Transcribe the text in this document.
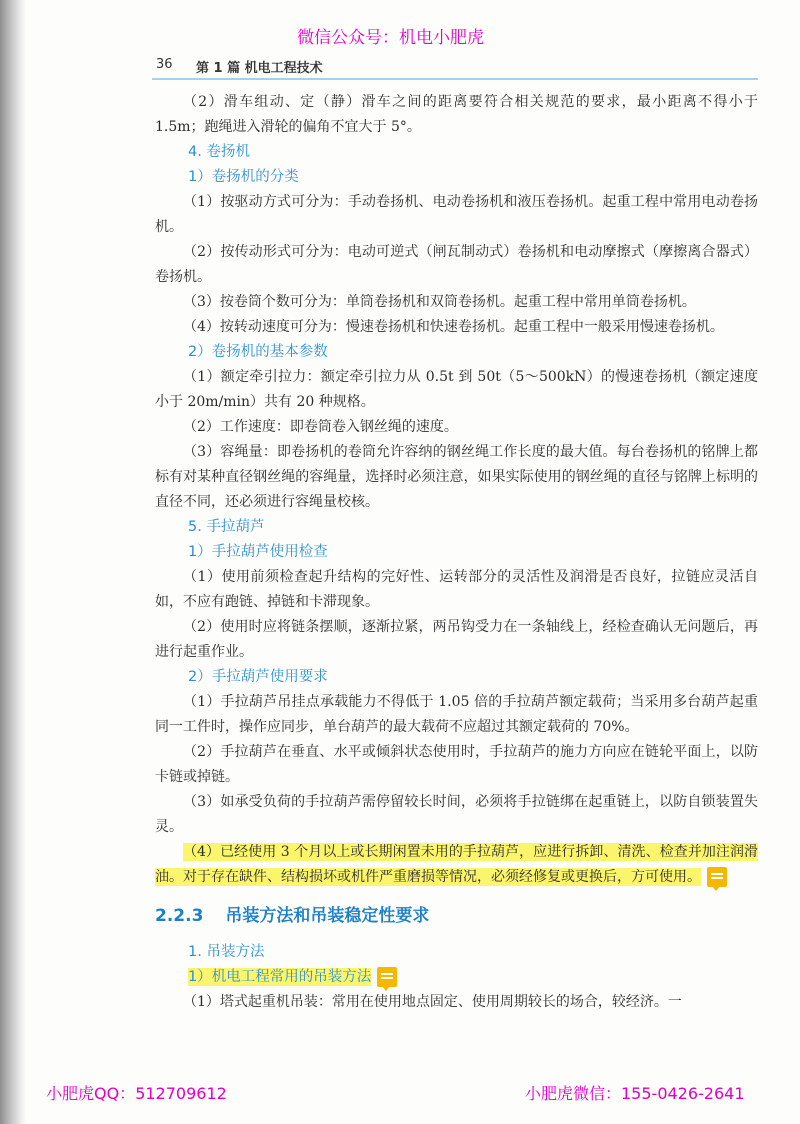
微信公众号：机电小肥虎
36 第 1 篇 机电工程技术

（2）滑车组动、定（静）滑车之间的距离要符合相关规范的要求，最小距离不得小于 1.5m；跑绳进入滑轮的偏角不宜大于 5°。

4. 卷扬机

1）卷扬机的分类

（1）按驱动方式可分为：手动卷扬机、电动卷扬机和液压卷扬机。起重工程中常用电动卷扬机。

（2）按传动形式可分为：电动可逆式（闸瓦制动式）卷扬机和电动摩擦式（摩擦离合器式）卷扬机。

（3）按卷筒个数可分为：单筒卷扬机和双筒卷扬机。起重工程中常用单筒卷扬机。

（4）按转动速度可分为：慢速卷扬机和快速卷扬机。起重工程中一般采用慢速卷扬机。

2）卷扬机的基本参数

（1）额定牵引拉力：额定牵引拉力从 0.5t 到 50t（5～500kN）的慢速卷扬机（额定速度小于 20m/min）共有 20 种规格。

（2）工作速度：即卷筒卷入钢丝绳的速度。

（3）容绳量：即卷扬机的卷筒允许容纳的钢丝绳工作长度的最大值。每台卷扬机的铭牌上都标有对某种直径钢丝绳的容绳量，选择时必须注意，如果实际使用的钢丝绳的直径与铭牌上标明的直径不同，还必须进行容绳量校核。

5. 手拉葫芦

1）手拉葫芦使用检查

（1）使用前须检查起升结构的完好性、运转部分的灵活性及润滑是否良好，拉链应灵活自如，不应有跑链、掉链和卡滞现象。

（2）使用时应将链条摆顺，逐渐拉紧，两吊钩受力在一条轴线上，经检查确认无问题后，再进行起重作业。

2）手拉葫芦使用要求

（1）手拉葫芦吊挂点承载能力不得低于 1.05 倍的手拉葫芦额定载荷；当采用多台葫芦起重同一工件时，操作应同步，单台葫芦的最大载荷不应超过其额定载荷的 70%。

（2）手拉葫芦在垂直、水平或倾斜状态使用时，手拉葫芦的施力方向应在链轮平面上，以防卡链或掉链。

（3）如承受负荷的手拉葫芦需停留较长时间，必须将手拉链绑在起重链上，以防自锁装置失灵。

（4）已经使用 3 个月以上或长期闲置未用的手拉葫芦，应进行拆卸、清洗、检查并加注润滑油。对于存在缺件、结构损坏或机件严重磨损等情况，必须经修复或更换后，方可使用。

2.2.3 吊装方法和吊装稳定性要求

1. 吊装方法

1）机电工程常用的吊装方法

（1）塔式起重机吊装：常用在使用地点固定、使用周期较长的场合，较经济。一

小肥虎QQ：512709612	小肥虎微信：155-0426-2641
